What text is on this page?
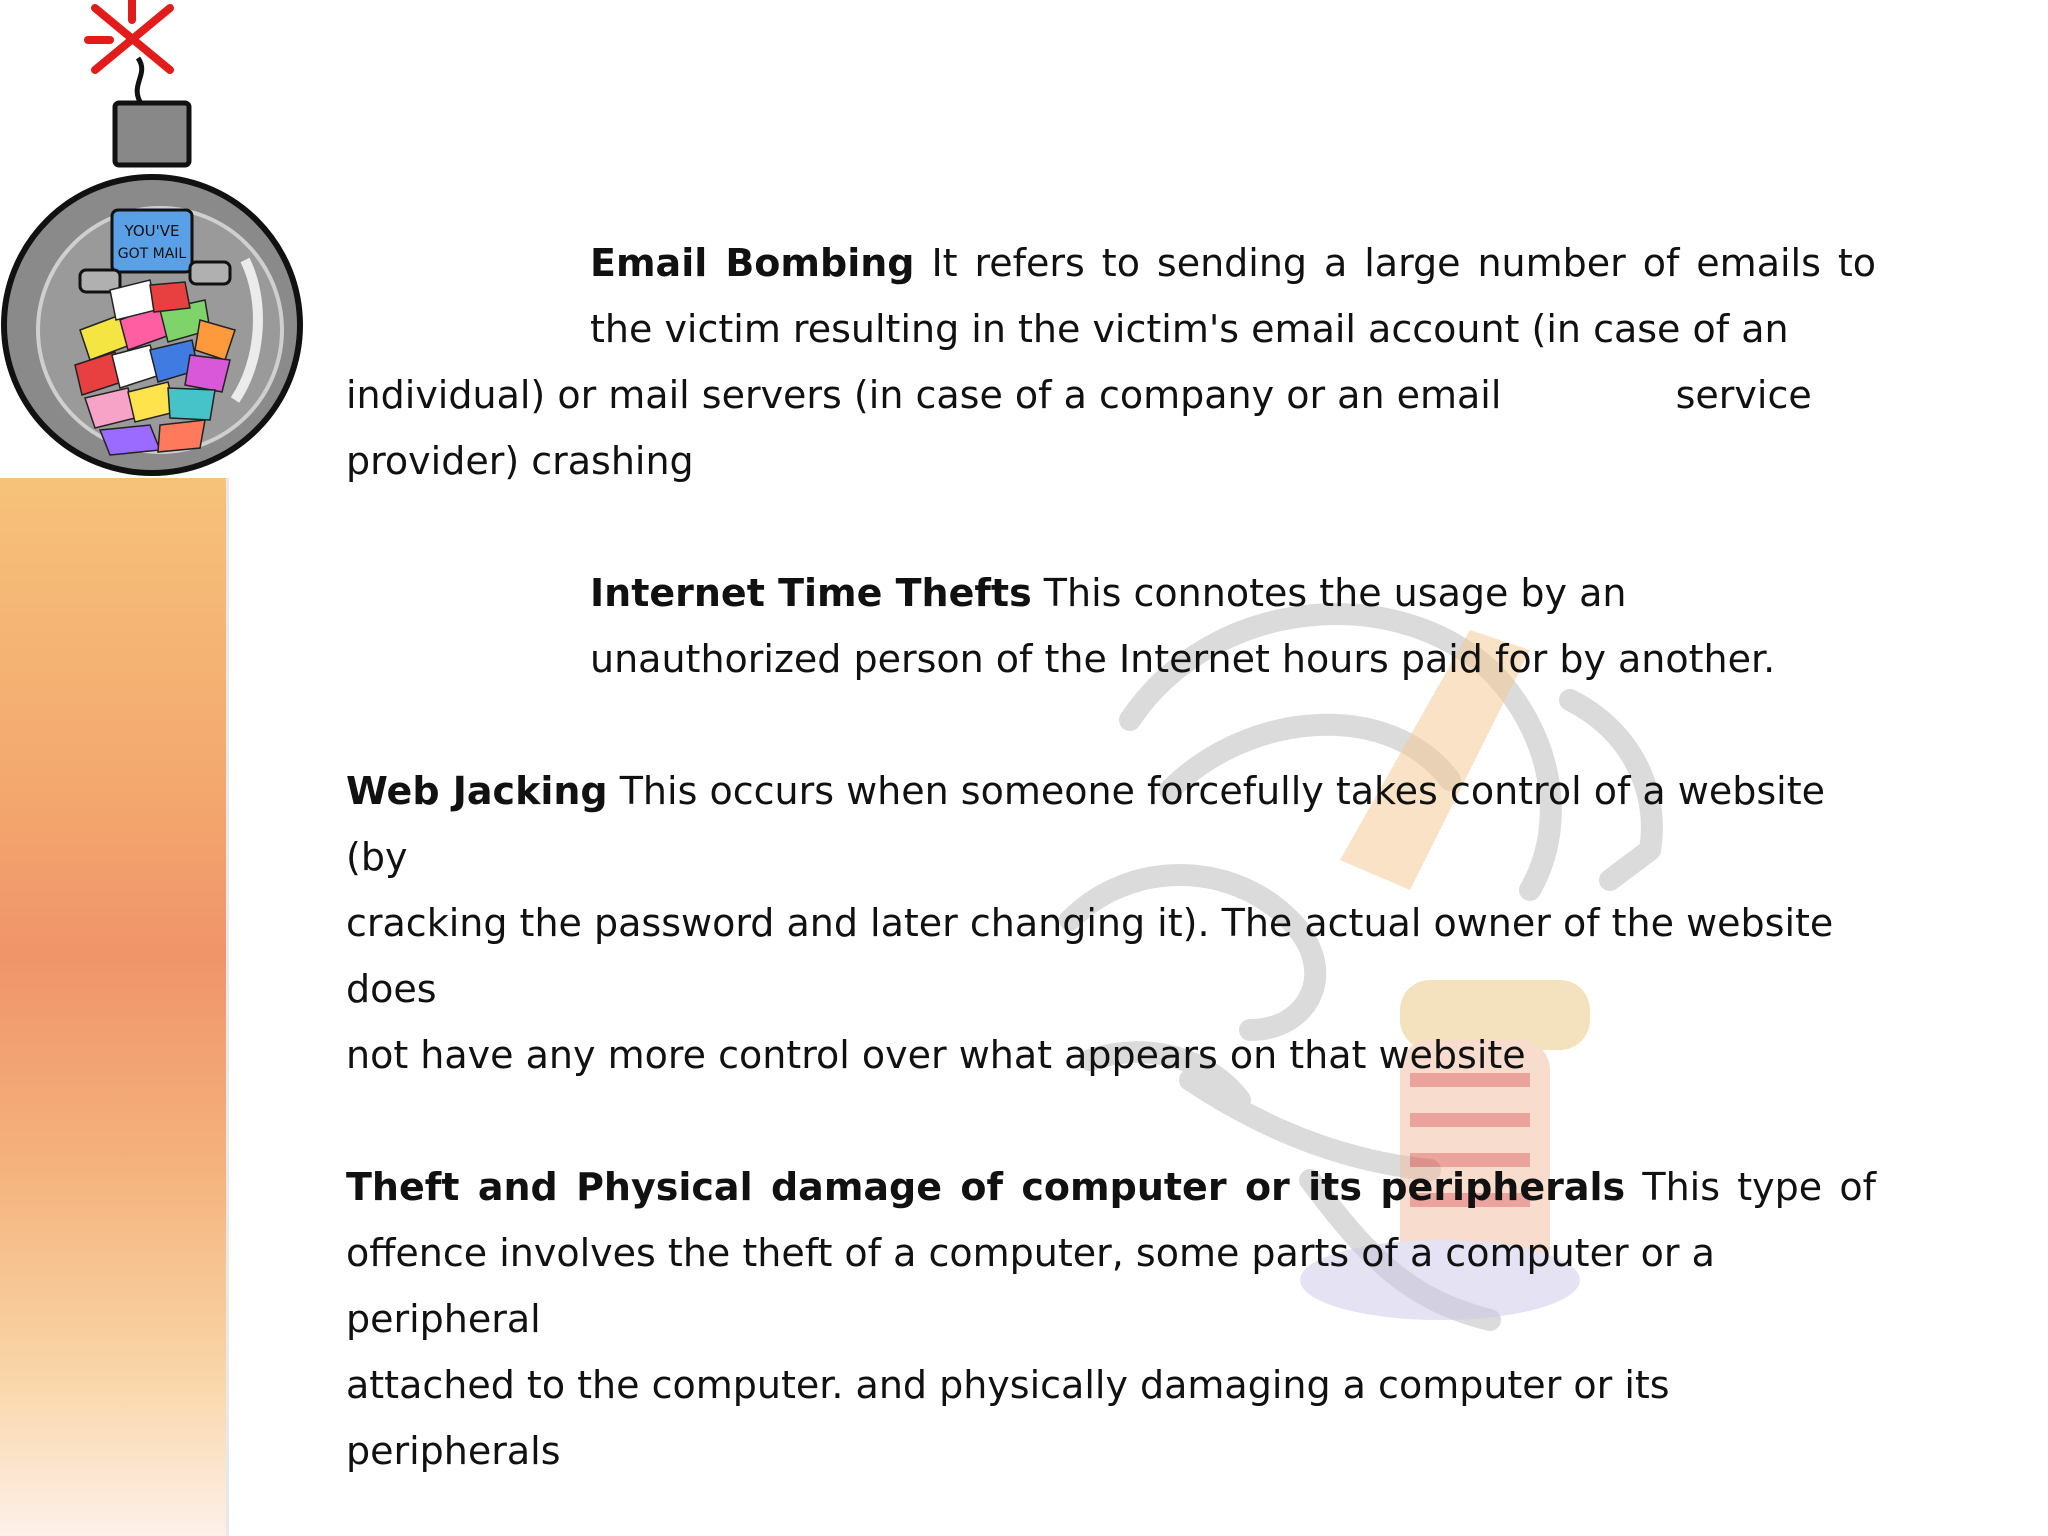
YOU'VE
GOT MAIL	Email Bombing It refers to sending a large number of emails to

the victim resulting in the victim's email account (in case of an

individual) or mail servers (in case of a company or an email	service

provider) crashing

Internet Time Thefts This connotes the usage by an

unauthorized person of the Internet hours paid for by another.

Web Jacking This occurs when someone forcefully takes control of a website (by

cracking the password and later changing it). The actual owner of the website does

not have any more control over what appears on that website

Theft and Physical damage of computer or its peripherals This type of

offence involves the theft of a computer, some parts of a computer or a peripheral

attached to the computer. and physically damaging a computer or its peripherals
